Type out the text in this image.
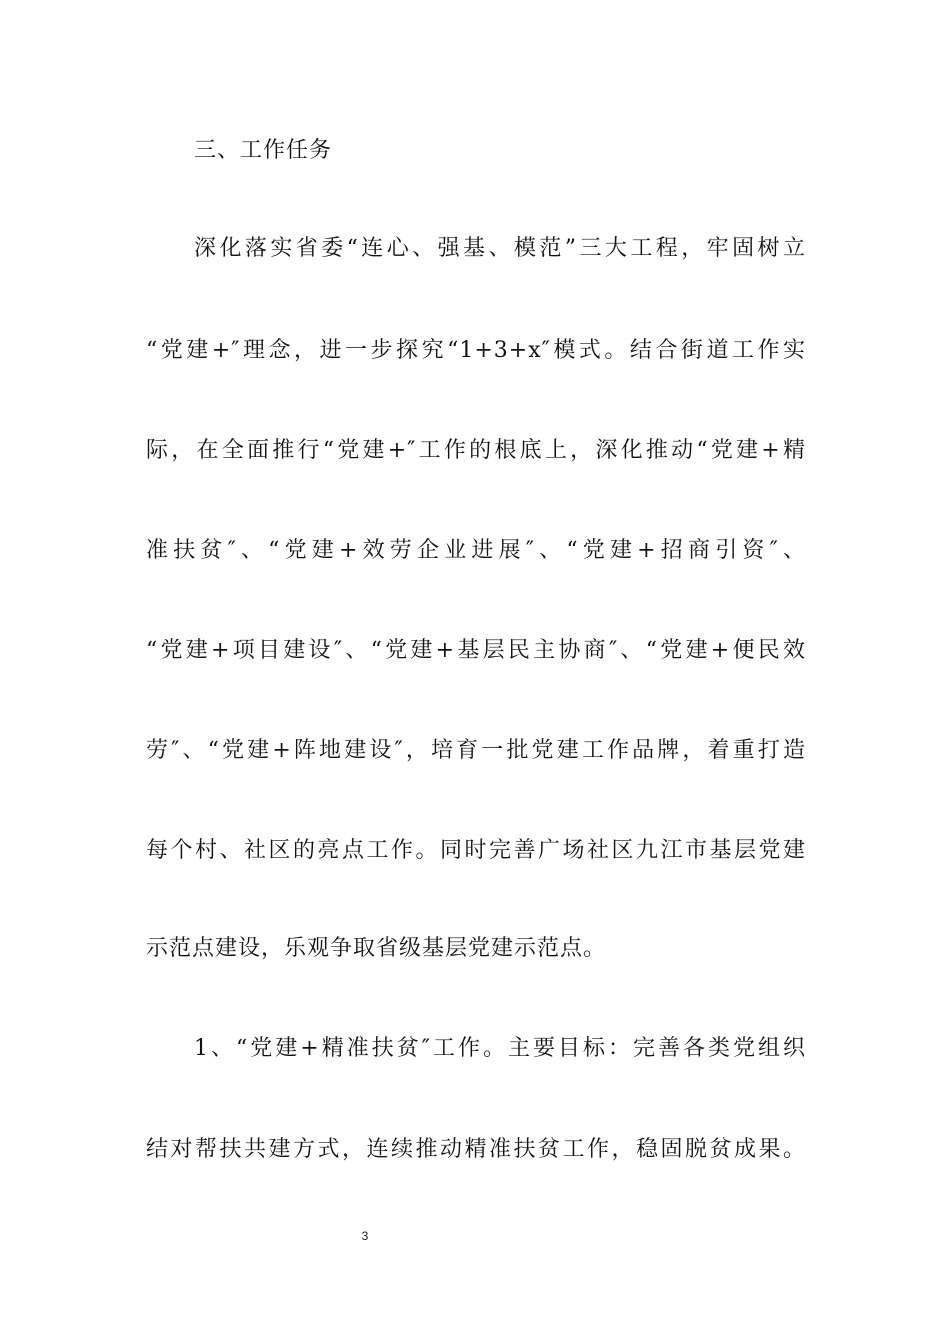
三、工作任务
深化落实省委“连心、强基、模范”三大工程，牢固树立
“党建+″理念，进一步探究“1+3+x″模式。结合街道工作实
际，在全面推行“党建+″工作的根底上，深化推动“党建+精
准扶贫″、“党建+效劳企业进展″、“党建+招商引资″、
“党建+项目建设″、“党建+基层民主协商″、“党建+便民效
劳″、“党建+阵地建设″，培育一批党建工作品牌，着重打造
每个村、社区的亮点工作。同时完善广场社区九江市基层党建
示范点建设，乐观争取省级基层党建示范点。
1、“党建+精准扶贫″工作。主要目标：完善各类党组织
结对帮扶共建方式，连续推动精准扶贫工作，稳固脱贫成果。
3
